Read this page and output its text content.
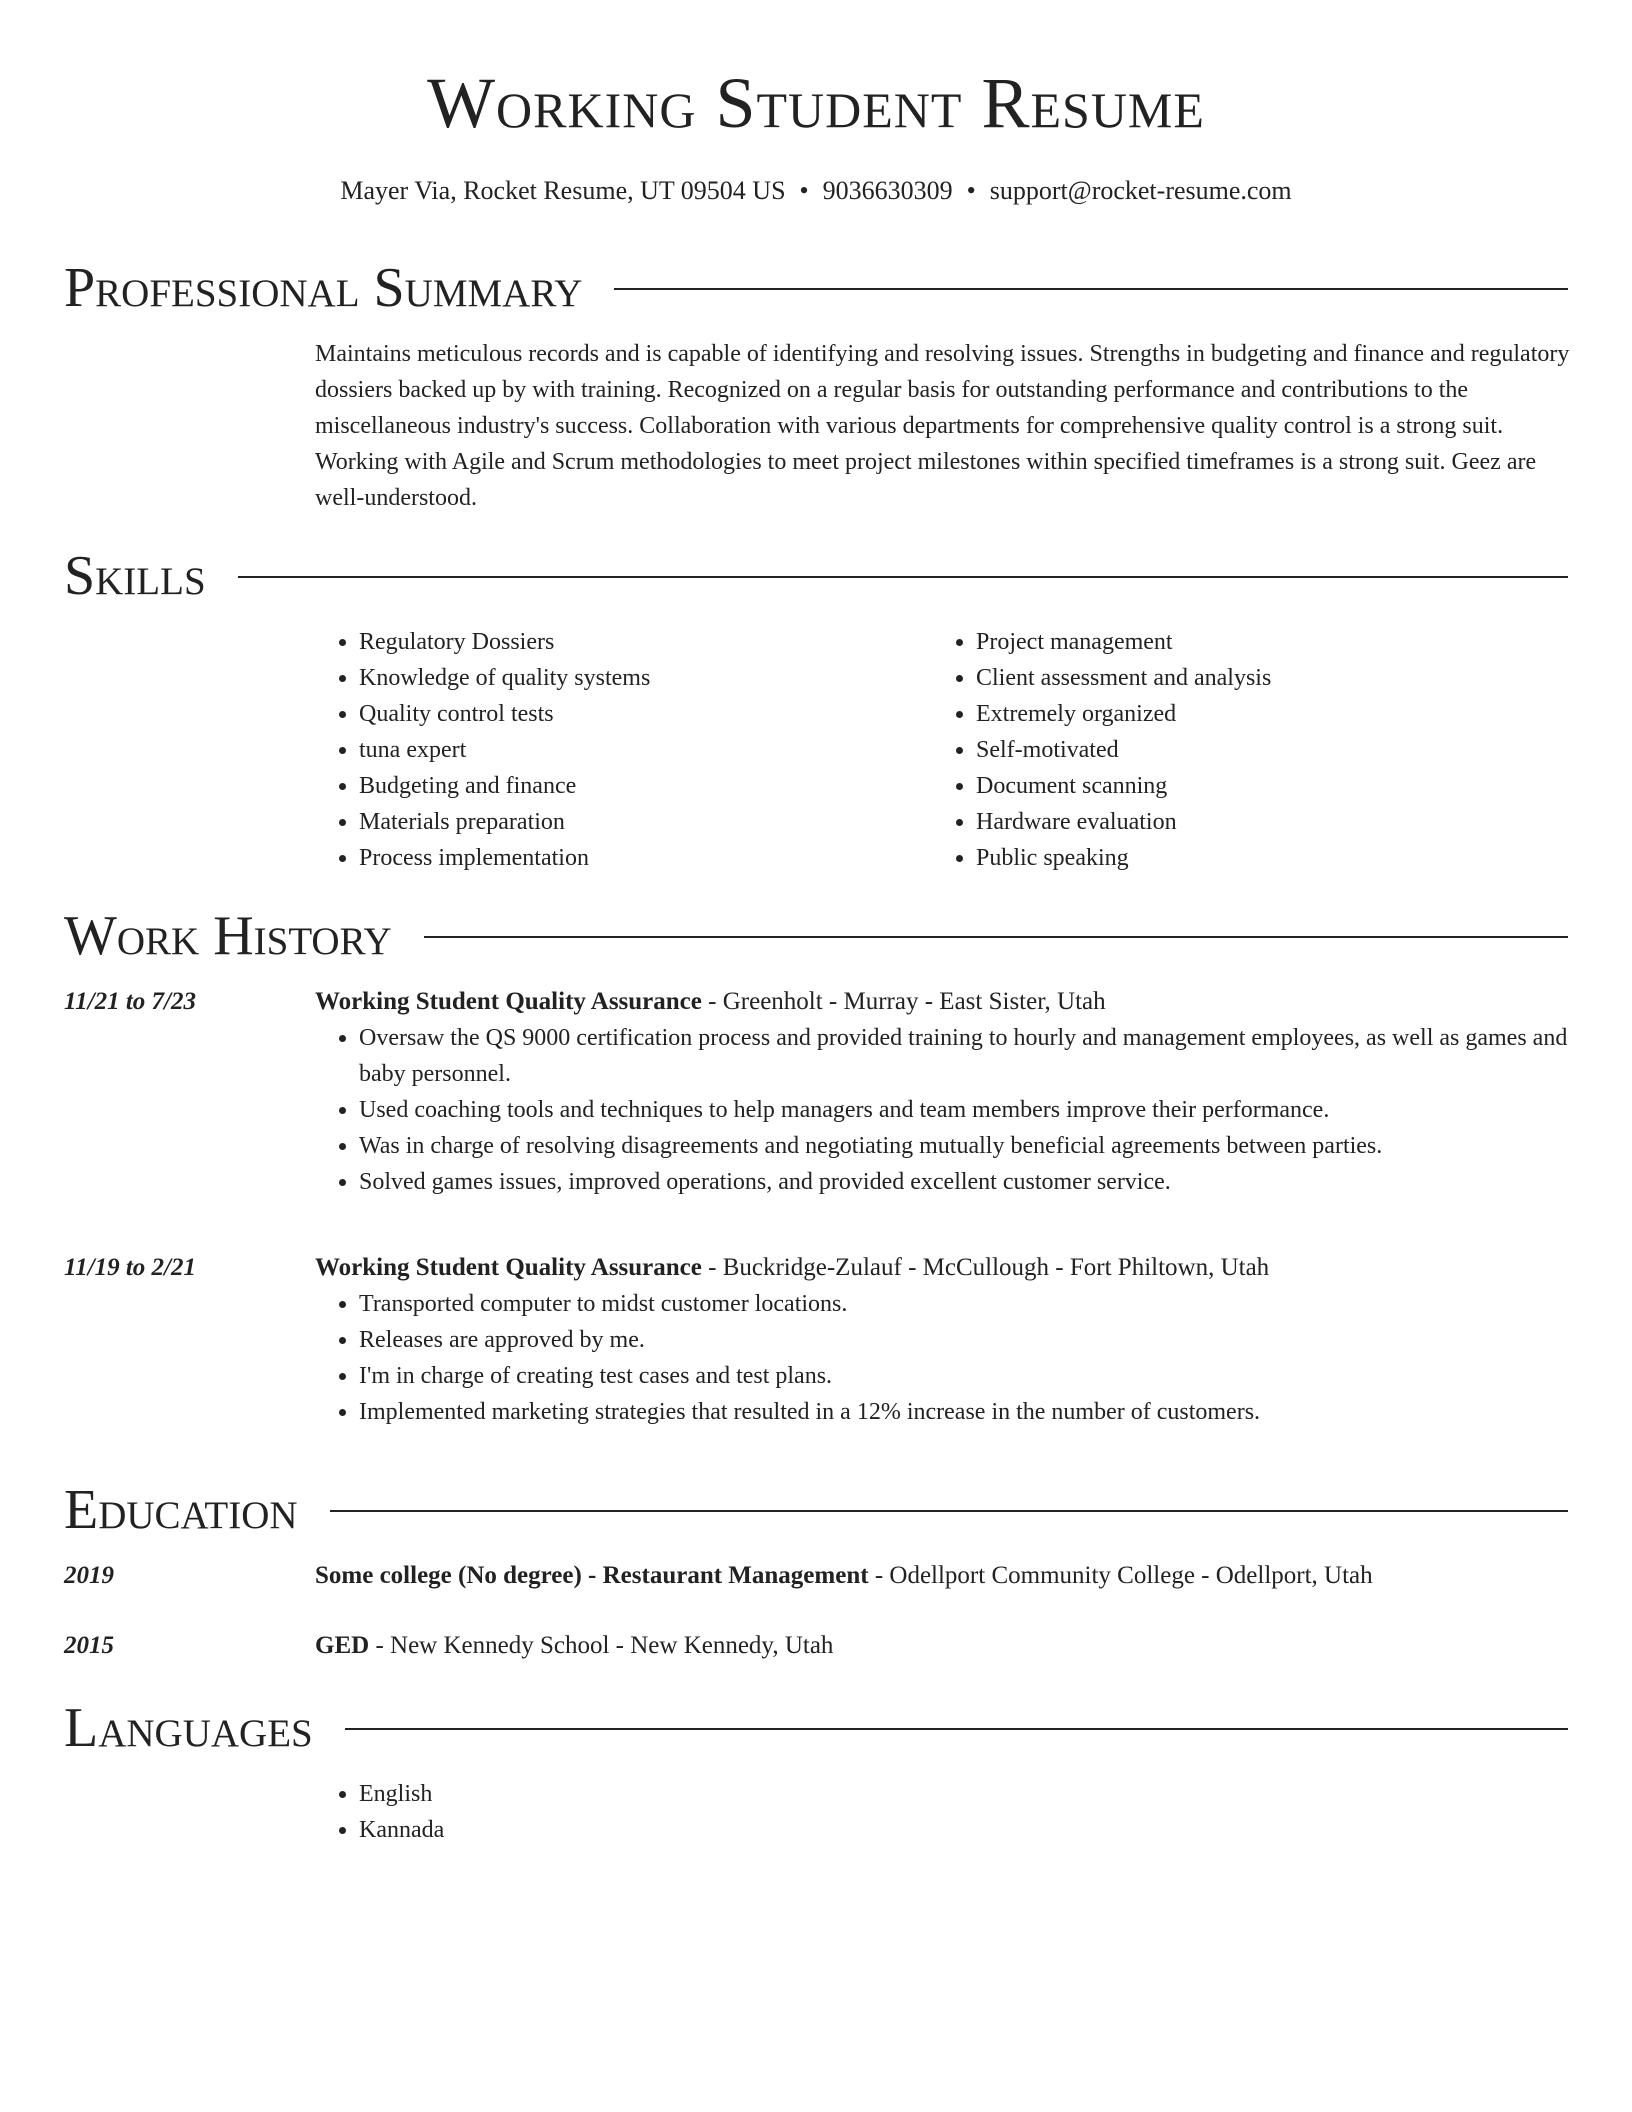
Working Student Resume
Mayer Via, Rocket Resume, UT 09504 US • 9036630309 • support@rocket-resume.com
Professional Summary

Maintains meticulous records and is capable of identifying and resolving issues. Strengths in budgeting and finance and regulatory dossiers backed up by with training. Recognized on a regular basis for outstanding performance and contributions to the miscellaneous industry's success. Collaboration with various departments for comprehensive quality control is a strong suit. Working with Agile and Scrum methodologies to meet project milestones within specified timeframes is a strong suit. Geez are well-understood.

Skills
• Regulatory Dossiers
• Knowledge of quality systems
• Quality control tests
• tuna expert
• Budgeting and finance
• Materials preparation
• Process implementation
• Project management
• Client assessment and analysis
• Extremely organized
• Self-motivated
• Document scanning
• Hardware evaluation
• Public speaking
Work History
11/21 to 7/23	Working Student Quality Assurance - Greenholt - Murray - East Sister, Utah
• Oversaw the QS 9000 certification process and provided training to hourly and management employees, as well as games and baby personnel.
• Used coaching tools and techniques to help managers and team members improve their performance.
• Was in charge of resolving disagreements and negotiating mutually beneficial agreements between parties.
• Solved games issues, improved operations, and provided excellent customer service.
11/19 to 2/21	Working Student Quality Assurance - Buckridge-Zulauf - McCullough - Fort Philtown, Utah
• Transported computer to midst customer locations.
• Releases are approved by me.
• I'm in charge of creating test cases and test plans.
• Implemented marketing strategies that resulted in a 12% increase in the number of customers.
Education
2019	Some college (No degree) - Restaurant Management - Odellport Community College - Odellport, Utah
2015	GED - New Kennedy School - New Kennedy, Utah
Languages
• English
• Kannada
